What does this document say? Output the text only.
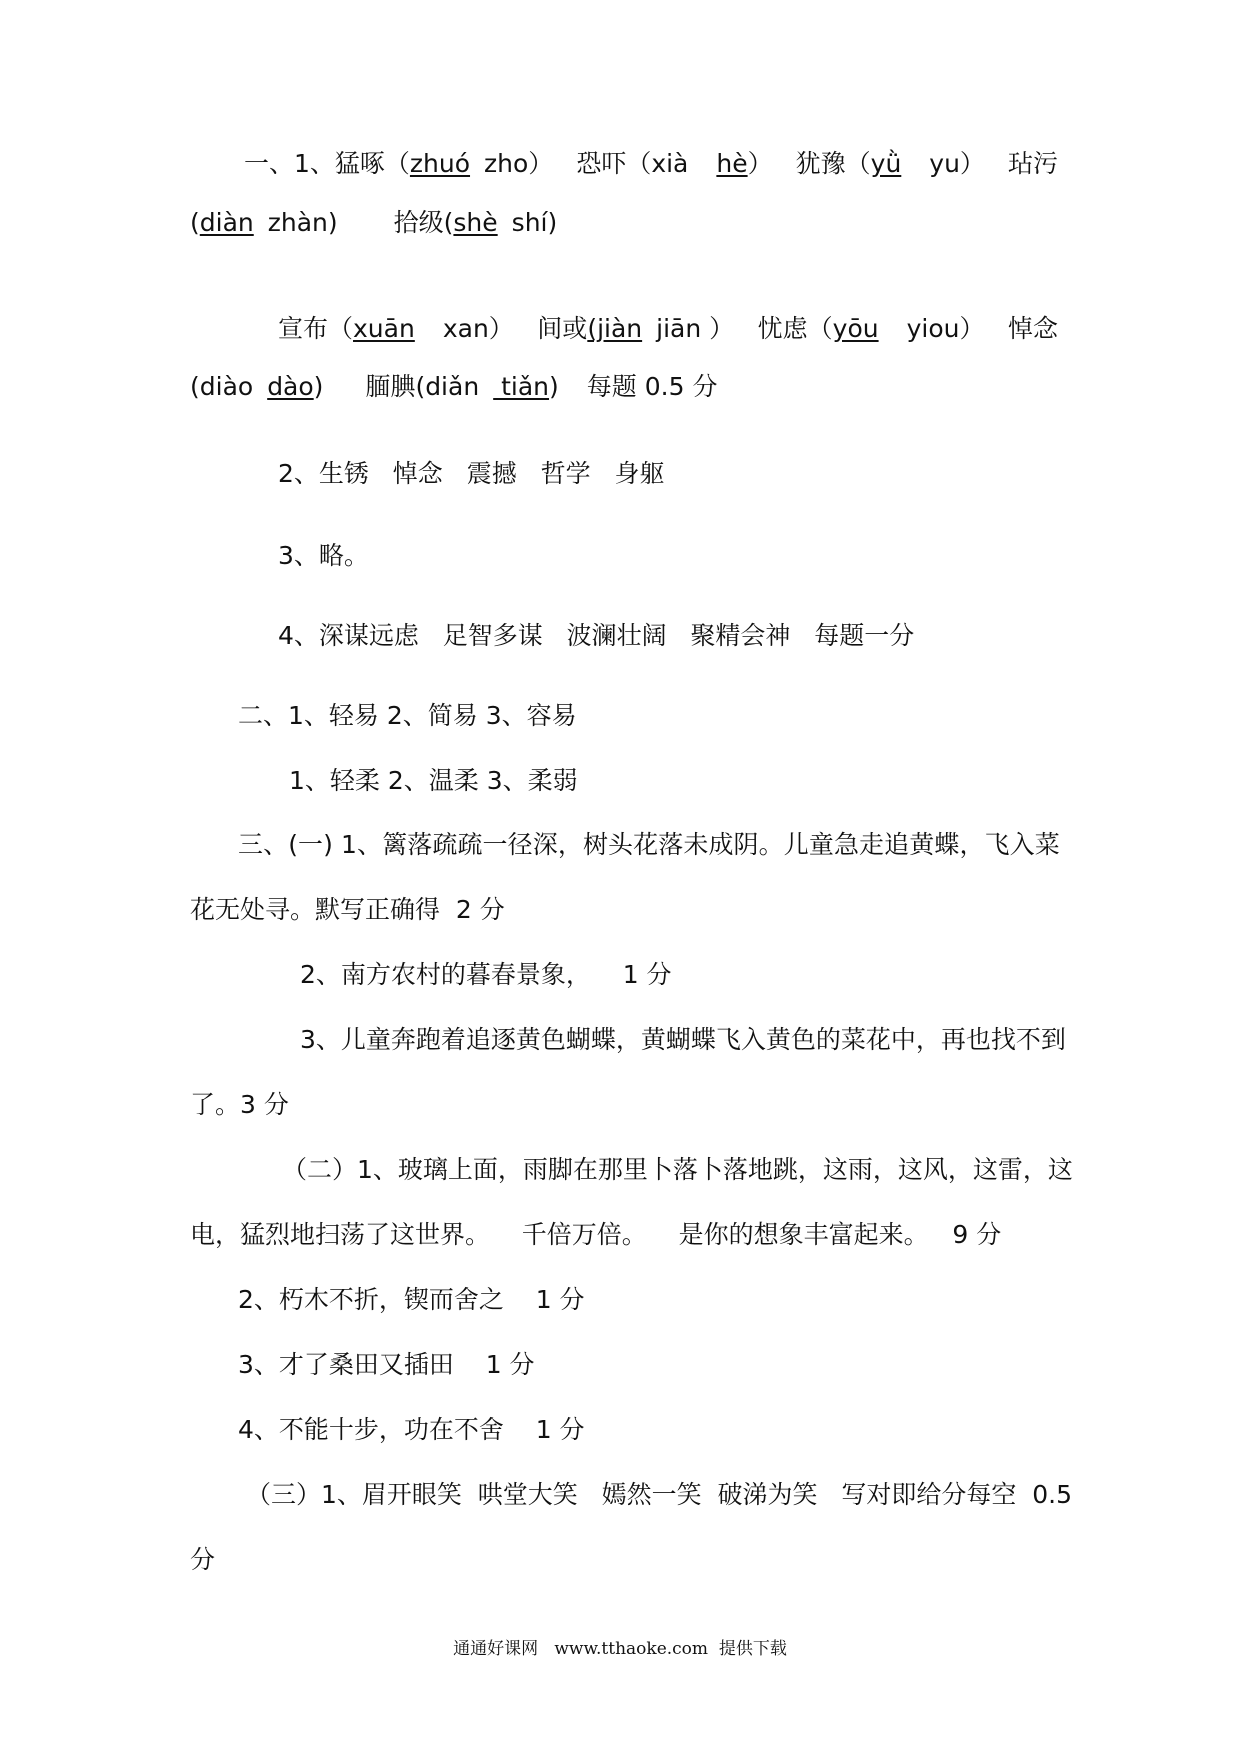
一、1、猛啄（zhuó zho） 恐吓（xià hè） 犹豫（yǜ yu） 玷污
(diàn zhàn) 拾级(shè shí)
宣布（xuān xan） 间或(jiàn jiān ） 忧虑（yōu yiou） 悼念
(diào dào) 腼腆(diǎn tiǎn) 每题 0.5 分
2、生锈  悼念  震撼  哲学  身躯
3、略。
4、深谋远虑   足智多谋   波澜壮阔   聚精会神   每题一分
二、1、轻易 2、简易 3、容易
1、轻柔 2、温柔 3、柔弱
三、(一) 1、篱落疏疏一径深，树头花落未成阴。儿童急走追黄蝶，飞入菜
花无处寻。默写正确得  2 分
2、南方农村的暮春景象，    1 分
3、儿童奔跑着追逐黄色蝴蝶，黄蝴蝶飞入黄色的菜花中，再也找不到
了。3 分
（二）1、玻璃上面，雨脚在那里卜落卜落地跳，这雨，这风，这雷，这
电，猛烈地扫荡了这世界。    千倍万倍。    是你的想象丰富起来。   9 分
2、朽木不折，锲而舍之    1 分
3、才了桑田又插田    1 分
4、不能十步，功在不舍    1 分
（三）1、眉开眼笑  哄堂大笑   嫣然一笑  破涕为笑   写对即给分每空  0.5
分
通通好课网   www.tthaoke.com  提供下载
